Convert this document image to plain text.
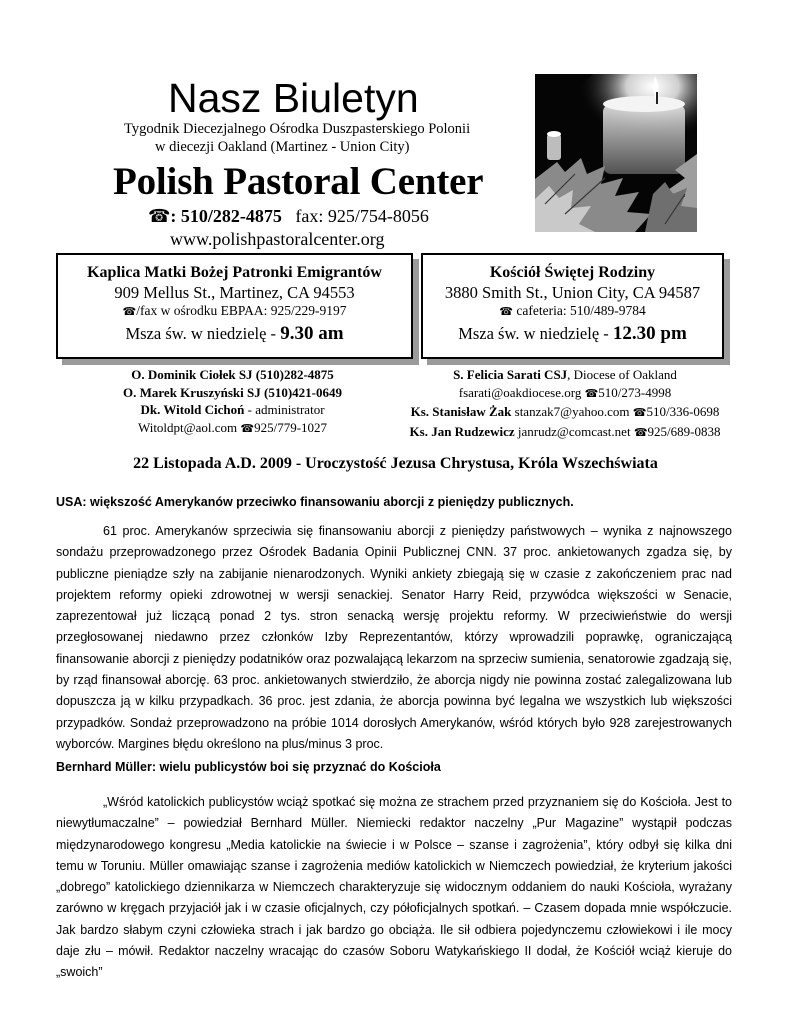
Nasz Biuletyn
Tygodnik Diecezjalnego Ośrodka Duszpasterskiego Polonii
w diecezji Oakland (Martinez - Union City)
Polish Pastoral Center
☎: 510/282-4875 fax: 925/754-8056
www.polishpastoralcenter.org
Kaplica Matki Bożej Patronki Emigrantów
909 Mellus St., Martinez, CA 94553
☎/fax w ośrodku EBPAA: 925/229-9197
Msza św. w niedzielę - 9.30 am
Kościół Świętej Rodziny
3880 Smith St., Union City, CA 94587
☎ cafeteria: 510/489-9784
Msza św. w niedzielę - 12.30 pm
O. Dominik Ciołek SJ (510)282-4875
O. Marek Kruszyński SJ (510)421-0649
Dk. Witold Cichoń - administrator
Witoldpt@aol.com ☎925/779-1027
S. Felicia Sarati CSJ, Diocese of Oakland
fsarati@oakdiocese.org ☎510/273-4998
Ks. Stanisław Żak stanzak7@yahoo.com ☎510/336-0698
Ks. Jan Rudzewicz janrudz@comcast.net ☎925/689-0838
22 Listopada A.D. 2009 - Uroczystość Jezusa Chrystusa, Króla Wszechświata
USA: większość Amerykanów przeciwko finansowaniu aborcji z pieniędzy publicznych.
61 proc. Amerykanów sprzeciwia się finansowaniu aborcji z pieniędzy państwowych – wynika z najnowszego sondażu przeprowadzonego przez Ośrodek Badania Opinii Publicznej CNN. 37 proc. ankietowanych zgadza się, by publiczne pieniądze szły na zabijanie nienarodzonych. Wyniki ankiety zbiegają się w czasie z zakończeniem prac nad projektem reformy opieki zdrowotnej w wersji senackiej. Senator Harry Reid, przywódca większości w Senacie, zaprezentował już liczącą ponad 2 tys. stron senacką wersję projektu reformy. W przeciwieństwie do wersji przegłosowanej niedawno przez członków Izby Reprezentantów, którzy wprowadzili poprawkę, ograniczającą finansowanie aborcji z pieniędzy podatników oraz pozwalającą lekarzom na sprzeciw sumienia, senatorowie zgadzają się, by rząd finansował aborcję. 63 proc. ankietowanych stwierdziło, że aborcja nigdy nie powinna zostać zalegalizowana lub dopuszcza ją w kilku przypadkach. 36 proc. jest zdania, że aborcja powinna być legalna we wszystkich lub większości przypadków. Sondaż przeprowadzono na próbie 1014 dorosłych Amerykanów, wśród których było 928 zarejestrowanych wyborców. Margines błędu określono na plus/minus 3 proc.
Bernhard Müller: wielu publicystów boi się przyznać do Kościoła
„Wśród katolickich publicystów wciąż spotkać się można ze strachem przed przyznaniem się do Kościoła. Jest to niewytłumaczalne” – powiedział Bernhard Müller. Niemiecki redaktor naczelny „Pur Magazine” wystąpił podczas międzynarodowego kongresu „Media katolickie na świecie i w Polsce – szanse i zagrożenia”, który odbył się kilka dni temu w Toruniu. Müller omawiając szanse i zagrożenia mediów katolickich w Niemczech powiedział, że kryterium jakości „dobrego” katolickiego dziennikarza w Niemczech charakteryzuje się widocznym oddaniem do nauki Kościoła, wyrażany zarówno w kręgach przyjaciół jak i w czasie oficjalnych, czy półoficjalnych spotkań. – Czasem dopada mnie współczucie. Jak bardzo słabym czyni człowieka strach i jak bardzo go obciąża. Ile sił odbiera pojedynczemu człowiekowi i ile mocy daje złu – mówił. Redaktor naczelny wracając do czasów Soboru Watykańskiego II dodał, że Kościół wciąż kieruje do „swoich”
